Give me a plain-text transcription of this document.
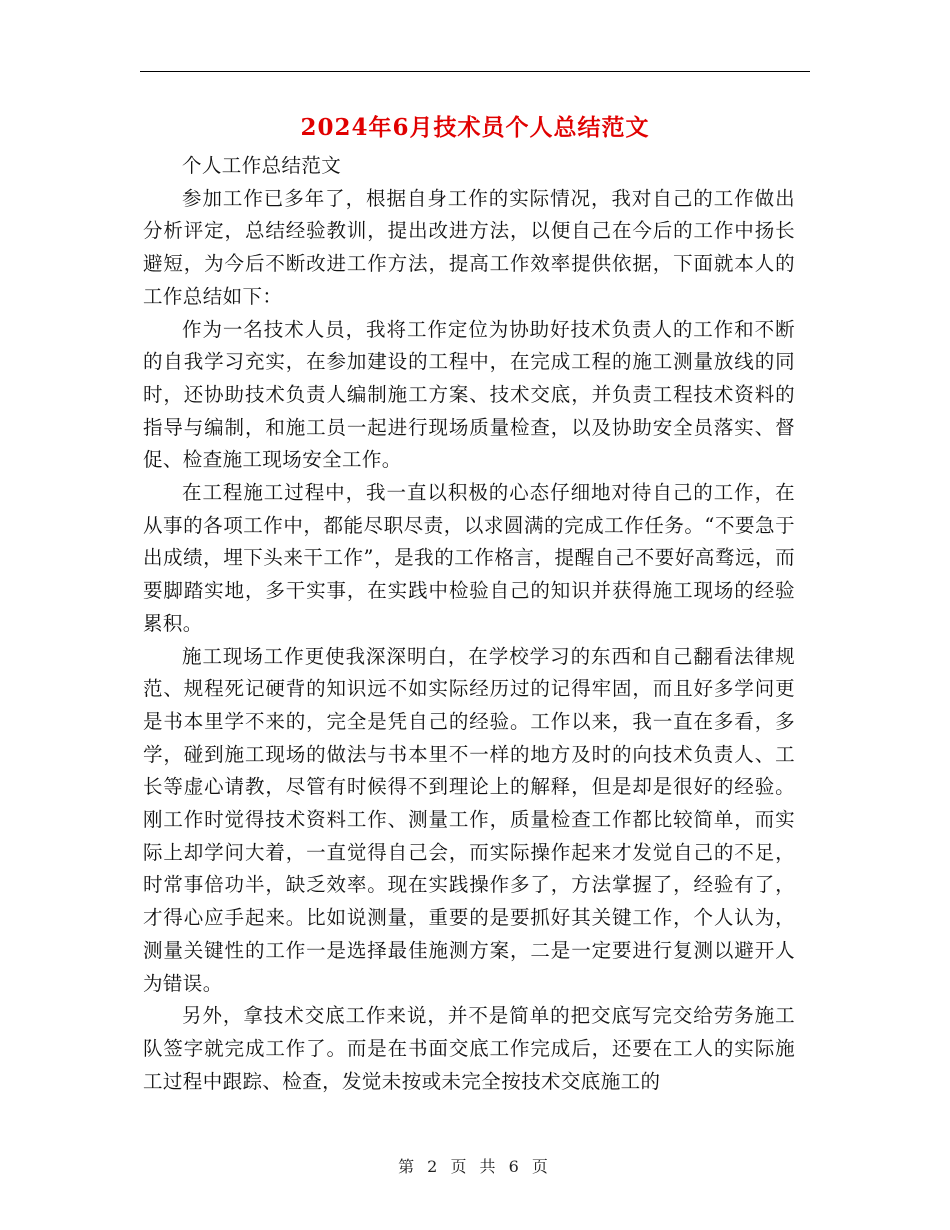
2024年6月技术员个人总结范文

个人工作总结范文

参加工作已多年了，根据自身工作的实际情况，我对自己的工作做出分析评定，总结经验教训，提出改进方法，以便自己在今后的工作中扬长避短，为今后不断改进工作方法，提高工作效率提供依据，下面就本人的工作总结如下：

作为一名技术人员，我将工作定位为协助好技术负责人的工作和不断的自我学习充实，在参加建设的工程中，在完成工程的施工测量放线的同时，还协助技术负责人编制施工方案、技术交底，并负责工程技术资料的指导与编制，和施工员一起进行现场质量检查，以及协助安全员落实、督促、检查施工现场安全工作。

在工程施工过程中，我一直以积极的心态仔细地对待自己的工作，在从事的各项工作中，都能尽职尽责，以求圆满的完成工作任务。“不要急于出成绩，埋下头来干工作”，是我的工作格言，提醒自己不要好高骛远，而要脚踏实地，多干实事，在实践中检验自己的知识并获得施工现场的经验累积。

施工现场工作更使我深深明白，在学校学习的东西和自己翻看法律规范、规程死记硬背的知识远不如实际经历过的记得牢固，而且好多学问更是书本里学不来的，完全是凭自己的经验。工作以来，我一直在多看，多学，碰到施工现场的做法与书本里不一样的地方及时的向技术负责人、工长等虚心请教，尽管有时候得不到理论上的解释，但是却是很好的经验。刚工作时觉得技术资料工作、测量工作，质量检查工作都比较简单，而实际上却学问大着，一直觉得自己会，而实际操作起来才发觉自己的不足，时常事倍功半，缺乏效率。现在实践操作多了，方法掌握了，经验有了，才得心应手起来。比如说测量，重要的是要抓好其关键工作，个人认为，测量关键性的工作一是选择最佳施测方案，二是一定要进行复测以避开人为错误。

另外，拿技术交底工作来说，并不是简单的把交底写完交给劳务施工队签字就完成工作了。而是在书面交底工作完成后，还要在工人的实际施工过程中跟踪、检查，发觉未按或未完全按技术交底施工的

第 2 页 共 6 页
